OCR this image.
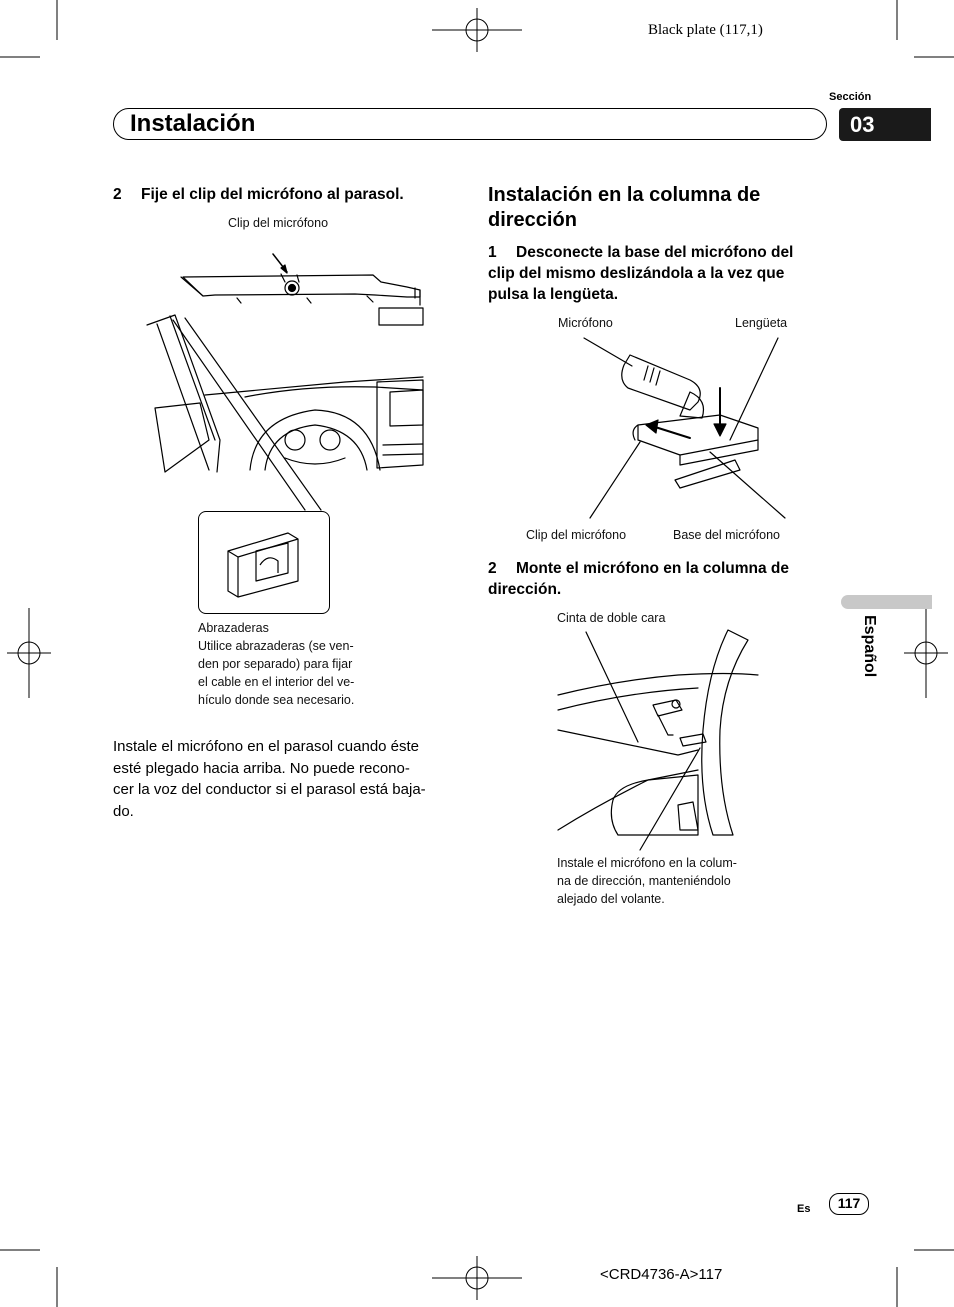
Black plate (117,1)
Sección
Instalación	03
2 Fije el clip del micrófono al parasol.
Clip del micrófono
Abrazaderas
Utilice abrazaderas (se ven-
den por separado) para fijar
el cable en el interior del ve-
hículo donde sea necesario.
Instale el micrófono en el parasol cuando éste
esté plegado hacia arriba. No puede recono-
cer la voz del conductor si el parasol está baja-
do.
Instalación en la columna de
dirección
1 Desconecte la base del micrófono del
clip del mismo deslizándola a la vez que
pulsa la lengüeta.
Micrófono	Lengüeta
Clip del micrófono	Base del micrófono
2 Monte el micrófono en la columna de
dirección.
Cinta de doble cara
Instale el micrófono en la colum-
na de dirección, manteniéndolo
alejado del volante.
Español
Es	117
<CRD4736-A>117
